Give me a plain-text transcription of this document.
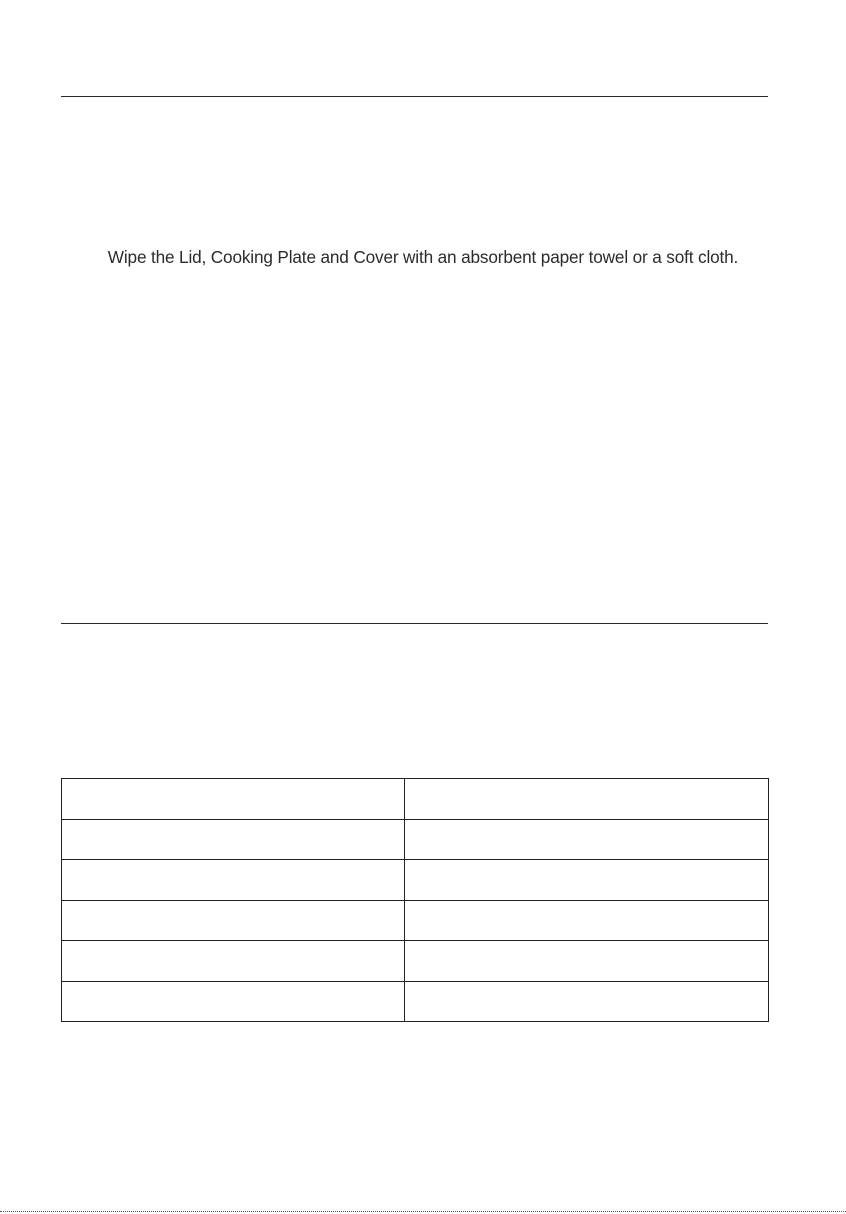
Wipe the Lid, Cooking Plate and Cover with an absorbent paper towel or a soft cloth.
